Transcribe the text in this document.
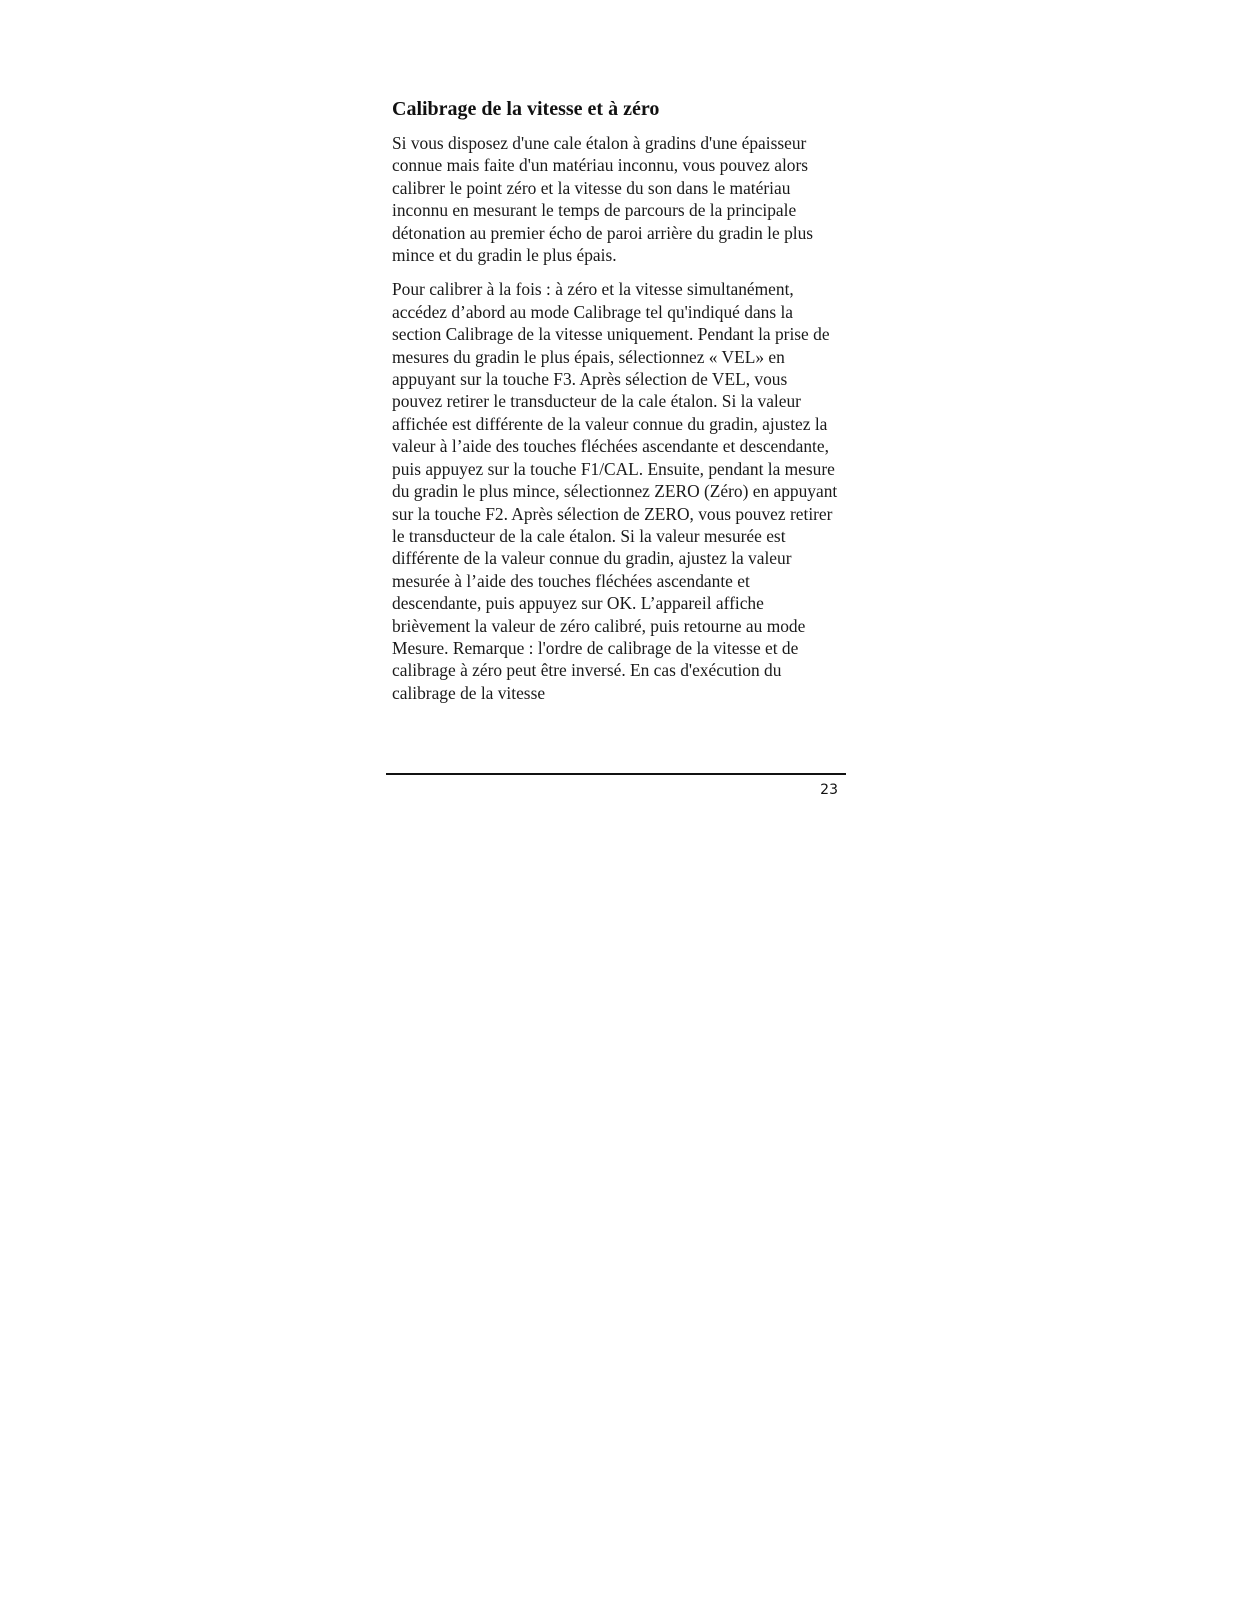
Calibrage de la vitesse et à zéro

Si vous disposez d'une cale étalon à gradins d'une épaisseur connue mais faite d'un matériau inconnu, vous pouvez alors calibrer le point zéro et la vitesse du son dans le matériau inconnu en mesurant le temps de parcours de la principale détonation au premier écho de paroi arrière du gradin le plus mince et du gradin le plus épais.

Pour calibrer à la fois : à zéro et la vitesse simultanément, accédez d’abord au mode Calibrage tel qu'indiqué dans la section Calibrage de la vitesse uniquement. Pendant la prise de mesures du gradin le plus épais, sélectionnez « VEL» en appuyant sur la touche F3. Après sélection de VEL, vous pouvez retirer le transducteur de la cale étalon. Si la valeur affichée est différente de la valeur connue du gradin, ajustez la valeur à l’aide des touches fléchées ascendante et descendante, puis appuyez sur la touche F1/CAL. Ensuite, pendant la mesure du gradin le plus mince, sélectionnez ZERO (Zéro) en appuyant sur la touche F2. Après sélection de ZERO, vous pouvez retirer le transducteur de la cale étalon. Si la valeur mesurée est différente de la valeur connue du gradin, ajustez la valeur mesurée à l’aide des touches fléchées ascendante et descendante, puis appuyez sur OK. L’appareil affiche brièvement la valeur de zéro calibré, puis retourne au mode Mesure. Remarque : l'ordre de calibrage de la vitesse et de calibrage à zéro peut être inversé. En cas d'exécution du calibrage de la vitesse

23
